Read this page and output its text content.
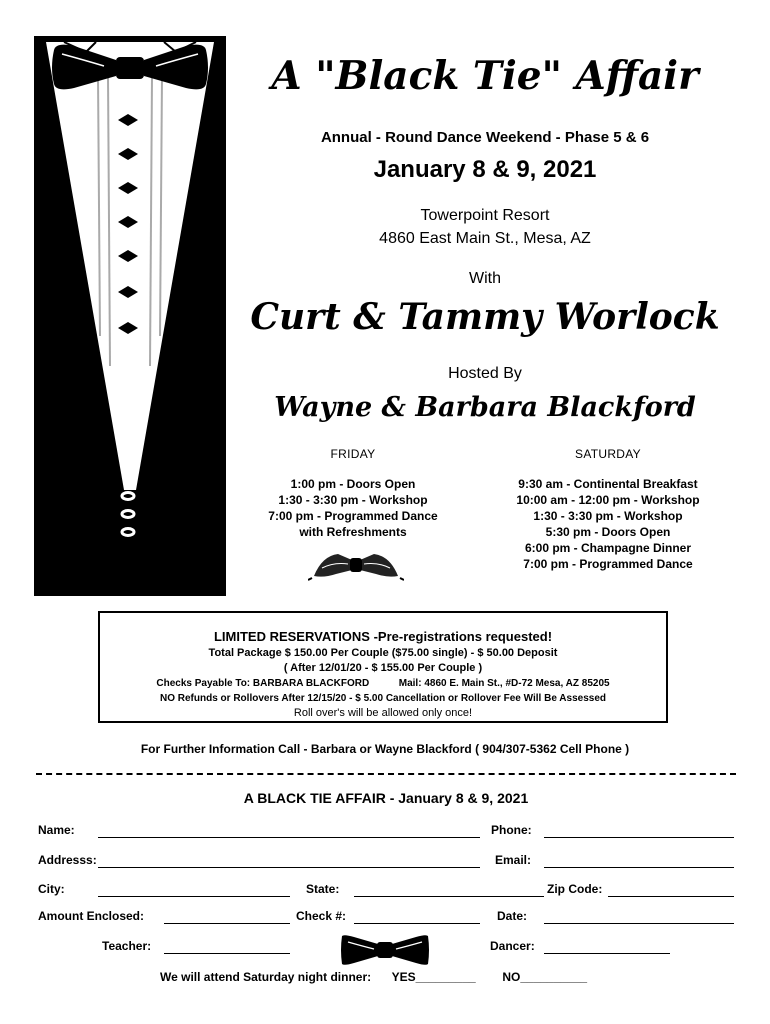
A "Black Tie" Affair
Annual - Round Dance Weekend - Phase 5 & 6
January 8 & 9, 2021
Towerpoint Resort
4860 East Main St., Mesa, AZ
With
Curt & Tammy Worlock
Hosted By
Wayne & Barbara Blackford
FRIDAY
1:00 pm - Doors Open
1:30 - 3:30 pm - Workshop
7:00 pm - Programmed Dance
with Refreshments
SATURDAY
9:30 am - Continental Breakfast
10:00 am - 12:00 pm - Workshop
1:30 - 3:30 pm - Workshop
5:30 pm - Doors Open
6:00 pm - Champagne Dinner
7:00 pm - Programmed Dance
LIMITED RESERVATIONS -Pre-registrations requested!
Total Package $ 150.00 Per Couple ($75.00 single) - $ 50.00 Deposit
( After 12/01/20 - $ 155.00 Per Couple )
Checks Payable To: BARBARA BLACKFORD	Mail: 4860 E. Main St., #D-72 Mesa, AZ 85205
NO Refunds or Rollovers After 12/15/20 - $ 5.00 Cancellation or Rollover Fee Will Be Assessed
Roll over's will be allowed only once!
For Further Information Call - Barbara or Wayne Blackford ( 904/307-5362 Cell Phone )
A BLACK TIE AFFAIR - January 8 & 9, 2021
Name:	Phone:
Addresss:	Email:
City:	State:	Zip Code:
Amount Enclosed:	Check #:	Date:
Teacher:	Dancer:
We will attend Saturday night dinner: YES_________ NO__________
